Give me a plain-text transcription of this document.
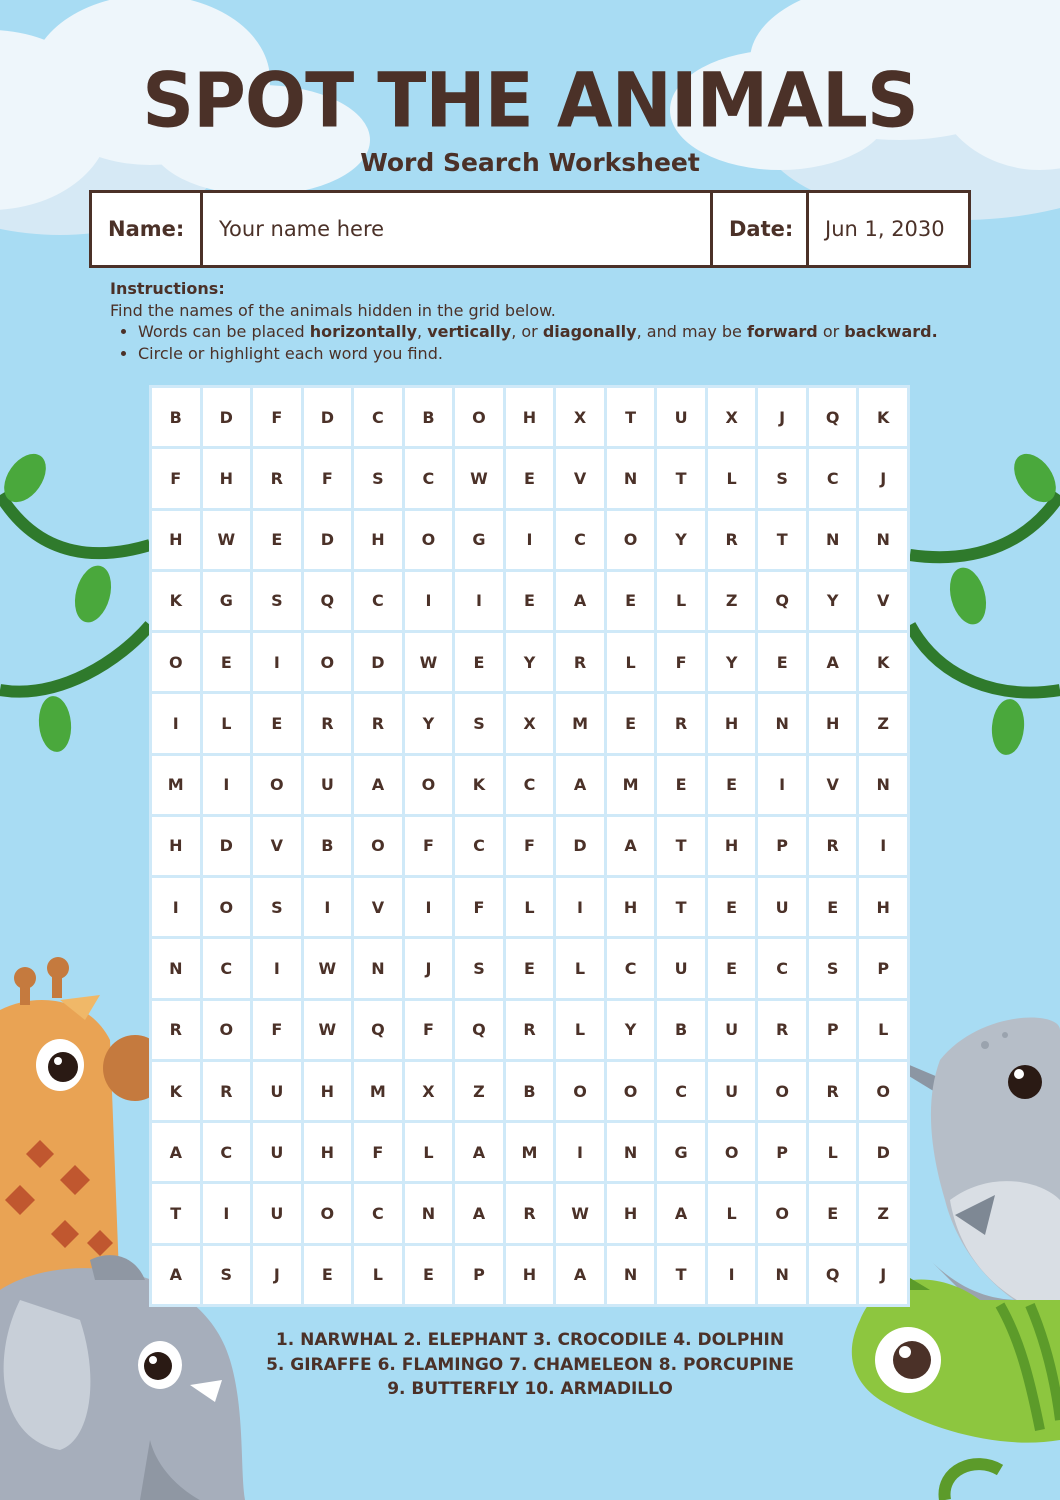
SPOT THE ANIMALS
Word Search Worksheet
Name:	Your name here	Date:	Jun 1, 2030
Instructions:
Find the names of the animals hidden in the grid below.
• Words can be placed horizontally, vertically, or diagonally, and may be forward or backward.
• Circle or highlight each word you find.
B	D	F	D	C	B	O	H	X	T	U	X	J	Q	K
F	H	R	F	S	C	W	E	V	N	T	L	S	C	J
H	W	E	D	H	O	G	I	C	O	Y	R	T	N	N
K	G	S	Q	C	I	I	E	A	E	L	Z	Q	Y	V
O	E	I	O	D	W	E	Y	R	L	F	Y	E	A	K
I	L	E	R	R	Y	S	X	M	E	R	H	N	H	Z
M	I	O	U	A	O	K	C	A	M	E	E	I	V	N
H	D	V	B	O	F	C	F	D	A	T	H	P	R	I
I	O	S	I	V	I	F	L	I	H	T	E	U	E	H
N	C	I	W	N	J	S	E	L	C	U	E	C	S	P
R	O	F	W	Q	F	Q	R	L	Y	B	U	R	P	L
K	R	U	H	M	X	Z	B	O	O	C	U	O	R	O
A	C	U	H	F	L	A	M	I	N	G	O	P	L	D
T	I	U	O	C	N	A	R	W	H	A	L	O	E	Z
A	S	J	E	L	E	P	H	A	N	T	I	N	Q	J
1. NARWHAL 2. ELEPHANT 3. CROCODILE 4. DOLPHIN
5. GIRAFFE 6. FLAMINGO 7. CHAMELEON 8. PORCUPINE
9. BUTTERFLY 10. ARMADILLO
